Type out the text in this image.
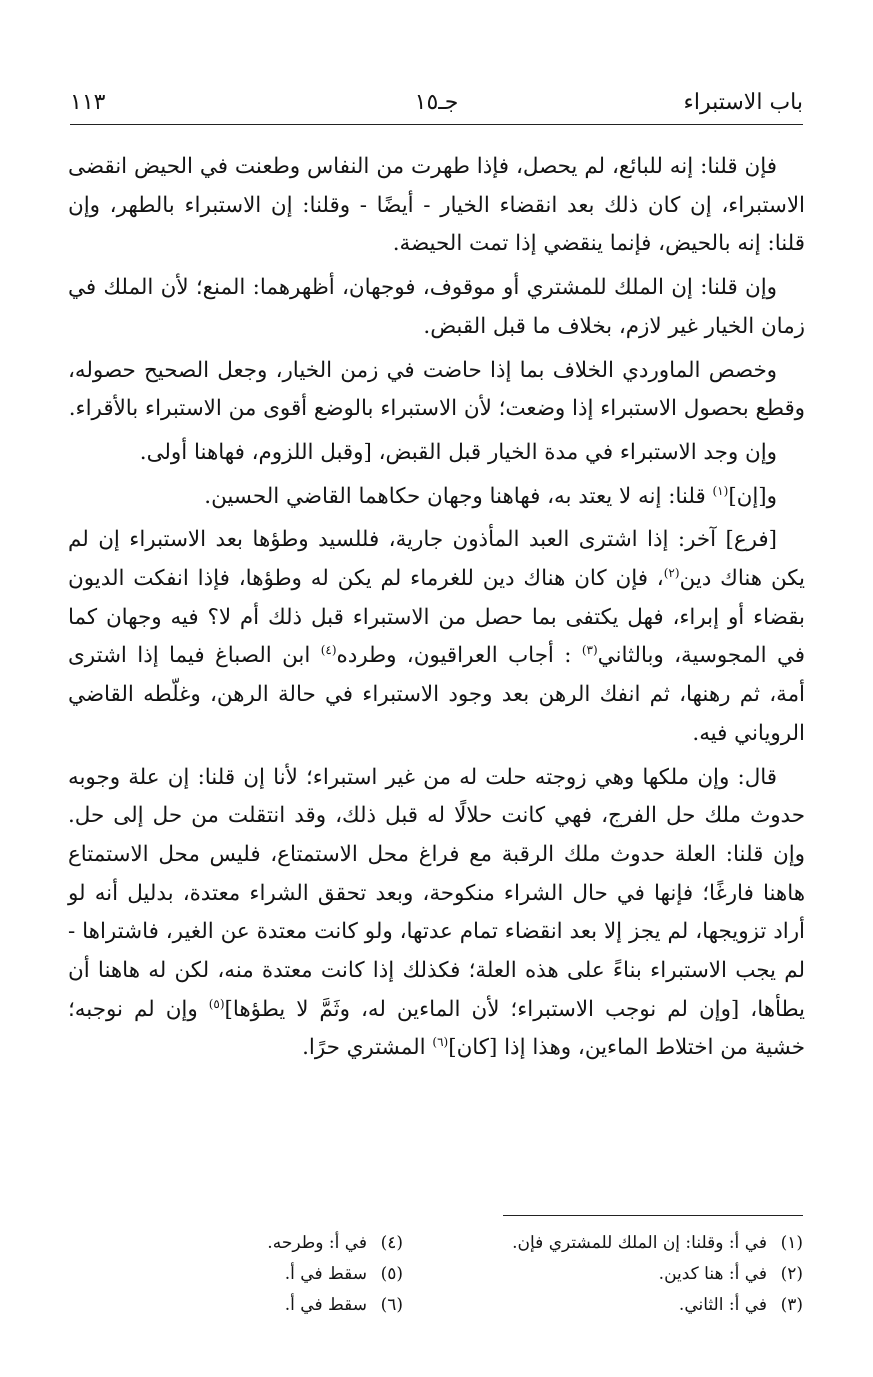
باب الاستبراء
جـ١٥
١١٣

فإن قلنا: إنه للبائع، لم يحصل، فإذا طهرت من النفاس وطعنت في الحيض انقضى الاستبراء، إن كان ذلك بعد انقضاء الخيار - أيضًا - وقلنا: إن الاستبراء بالطهر، وإن قلنا: إنه بالحيض، فإنما ينقضي إذا تمت الحيضة.

وإن قلنا: إن الملك للمشتري أو موقوف، فوجهان، أظهرهما: المنع؛ لأن الملك في زمان الخيار غير لازم، بخلاف ما قبل القبض.

وخصص الماوردي الخلاف بما إذا حاضت في زمن الخيار، وجعل الصحيح حصوله، وقطع بحصول الاستبراء إذا وضعت؛ لأن الاستبراء بالوضع أقوى من الاستبراء بالأقراء.

وإن وجد الاستبراء في مدة الخيار قبل القبض، [وقبل اللزوم، فهاهنا أولى.

و[إن]$^{(١)}$ قلنا: إنه لا يعتد به، فهاهنا وجهان حكاهما القاضي الحسين.

[فرع] آخر: إذا اشترى العبد المأذون جارية، فللسيد وطؤها بعد الاستبراء إن لم يكن هناك دين$^{(٢)}$، فإن كان هناك دين للغرماء لم يكن له وطؤها، فإذا انفكت الديون بقضاء أو إبراء، فهل يكتفى بما حصل من الاستبراء قبل ذلك أم لا؟ فيه وجهان كما في المجوسية، وبالثاني$^{(٣)}$ : أجاب العراقيون، وطرده$^{(٤)}$ ابن الصباغ فيما إذا اشترى أمة، ثم رهنها، ثم انفك الرهن بعد وجود الاستبراء في حالة الرهن، وغلّطه القاضي الروياني فيه.

قال: وإن ملكها وهي زوجته حلت له من غير استبراء؛ لأنا إن قلنا: إن علة وجوبه حدوث ملك حل الفرج، فهي كانت حلالًا له قبل ذلك، وقد انتقلت من حل إلى حل. وإن قلنا: العلة حدوث ملك الرقبة مع فراغ محل الاستمتاع، فليس محل الاستمتاع هاهنا فارغًا؛ فإنها في حال الشراء منكوحة، وبعد تحقق الشراء معتدة، بدليل أنه لو أراد تزويجها، لم يجز إلا بعد انقضاء تمام عدتها، ولو كانت معتدة عن الغير، فاشتراها - لم يجب الاستبراء بناءً على هذه العلة؛ فكذلك إذا كانت معتدة منه، لكن له هاهنا أن يطأها، [وإن لم نوجب الاستبراء؛ لأن الماءين له، وثَمَّ لا يطؤها]$^{(٥)}$ وإن لم نوجبه؛ خشية من اختلاط الماءين، وهذا إذا [كان]$^{(٦)}$ المشتري حرًا.

(١)في أ: وقلنا: إن الملك للمشتري فإن.
(٢)في أ: هنا كدين.
(٣)في أ: الثاني.
(٤)في أ: وطرحه.
(٥)سقط في أ.
(٦)سقط في أ.
